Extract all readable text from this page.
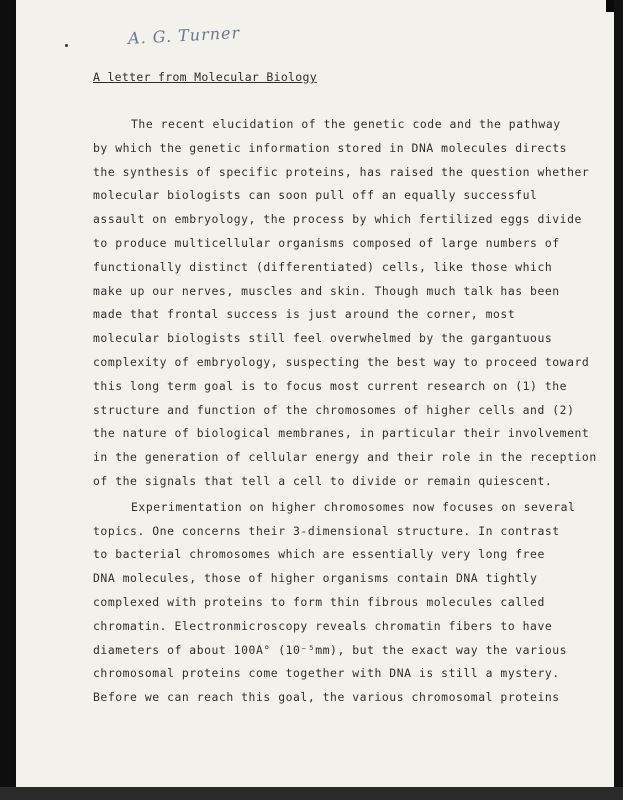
A. G. Turner
A letter from Molecular Biology
The recent elucidation of the genetic code and the pathway
by which the genetic information stored in DNA molecules directs
the synthesis of specific proteins, has raised the question whether
molecular biologists can soon pull off an equally successful
assault on embryology, the process by which fertilized eggs divide
to produce multicellular organisms composed of large numbers of
functionally distinct (differentiated) cells, like those which
make up our nerves, muscles and skin. Though much talk has been
made that frontal success is just around the corner, most
molecular biologists still feel overwhelmed by the gargantuous
complexity of embryology, suspecting the best way to proceed toward
this long term goal is to focus most current research on (1) the
structure and function of the chromosomes of higher cells and (2)
the nature of biological membranes, in particular their involvement
in the generation of cellular energy and their role in the reception
of the signals that tell a cell to divide or remain quiescent.
Experimentation on higher chromosomes now focuses on several
topics. One concerns their 3-dimensional structure. In contrast
to bacterial chromosomes which are essentially very long free
DNA molecules, those of higher organisms contain DNA tightly
complexed with proteins to form thin fibrous molecules called
chromatin. Electronmicroscopy reveals chromatin fibers to have
diameters of about 100A° (10⁻⁵mm), but the exact way the various
chromosomal proteins come together with DNA is still a mystery.
Before we can reach this goal, the various chromosomal proteins
